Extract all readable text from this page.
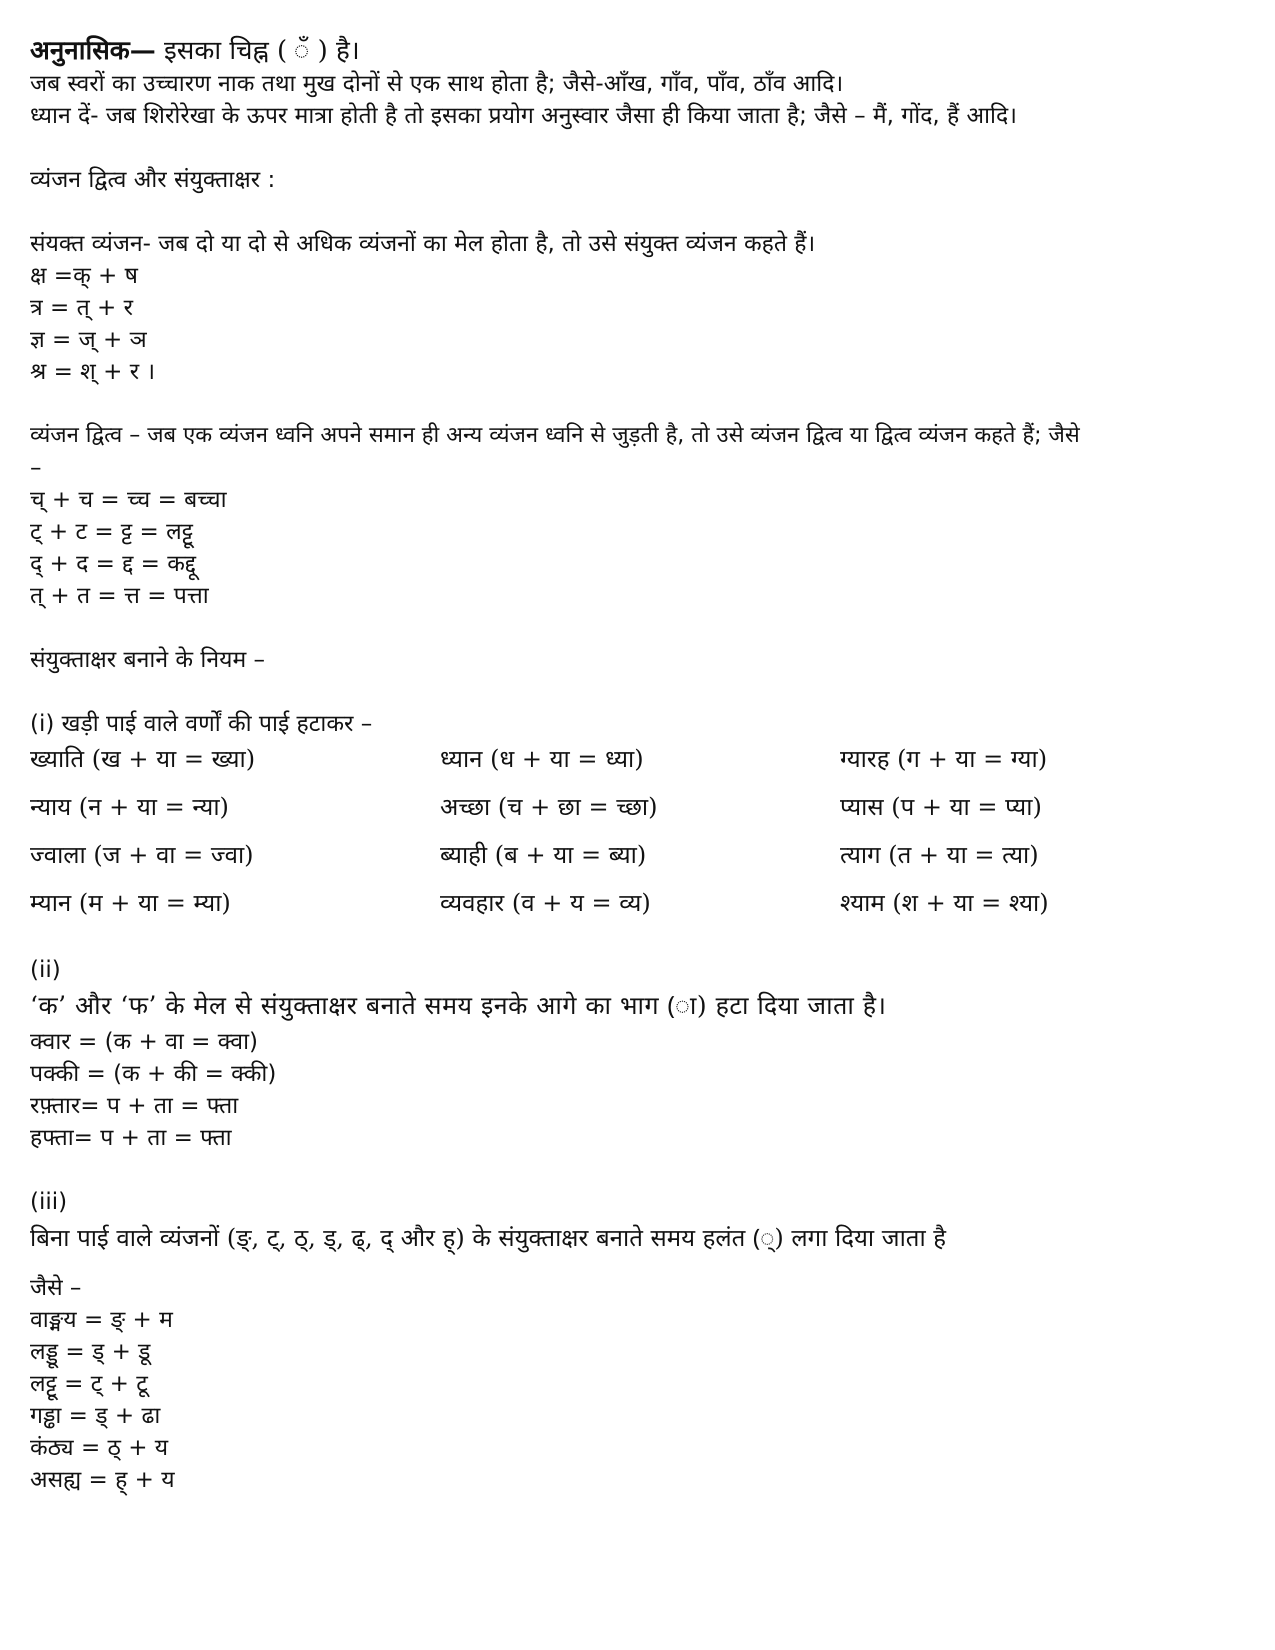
अनुनासिक— इसका चिह्न ( ँ ) है।
जब स्वरों का उच्चारण नाक तथा मुख दोनों से एक साथ होता है; जैसे-आँख, गाँव, पाँव, ठाँव आदि।
ध्यान दें- जब शिरोरेखा के ऊपर मात्रा होती है तो इसका प्रयोग अनुस्वार जैसा ही किया जाता है; जैसे – मैं, गोंद, हैं आदि।
व्यंजन द्वित्व और संयुक्ताक्षर :
संयक्त व्यंजन- जब दो या दो से अधिक व्यंजनों का मेल होता है, तो उसे संयुक्त व्यंजन कहते हैं।
क्ष =क् + ष
त्र = त् + र
ज्ञ = ज् + ञ
श्र = श् + र ।
व्यंजन द्वित्व – जब एक व्यंजन ध्वनि अपने समान ही अन्य व्यंजन ध्वनि से जुड़ती है, तो उसे व्यंजन द्वित्व या द्वित्व व्यंजन कहते हैं; जैसे
–
च् + च = च्च = बच्चा
ट् + ट = ट्ट = लट्टू
द् + द = द्द = कद्दू
त् + त = त्त = पत्ता
संयुक्ताक्षर बनाने के नियम –
(i) खड़ी पाई वाले वर्णों की पाई हटाकर –
ख्याति (ख + या = ख्या)	ध्यान (ध + या = ध्या)	ग्यारह (ग + या = ग्या)
न्याय (न + या = न्या)	अच्छा (च + छा = च्छा)	प्यास (प + या = प्या)
ज्वाला (ज + वा = ज्वा)	ब्याही (ब + या = ब्या)	त्याग (त + या = त्या)
म्यान (म + या = म्या)	व्यवहार (व + य = व्य)	श्याम (श + या = श्या)
(ii)
‘क’ और ‘फ’ के मेल से संयुक्ताक्षर बनाते समय इनके आगे का भाग (ा) हटा दिया जाता है।
क्वार = (क + वा = क्वा)
पक्की = (क + की = क्की)
रफ़्तार= प + ता = फ्ता
हफ्ता= प + ता = फ्ता
(iii)
बिना पाई वाले व्यंजनों (ङ्, ट्, ठ्, ड्, ढ्, द् और ह्) के संयुक्ताक्षर बनाते समय हलंत (्) लगा दिया जाता है
जैसे –
वाङ्मय = ङ् + म
लड्डू = ड् + डू
लट्टू = ट् + टू
गड्ढा = ड् + ढा
कंठ्य = ठ् + य
असह्य = ह् + य
